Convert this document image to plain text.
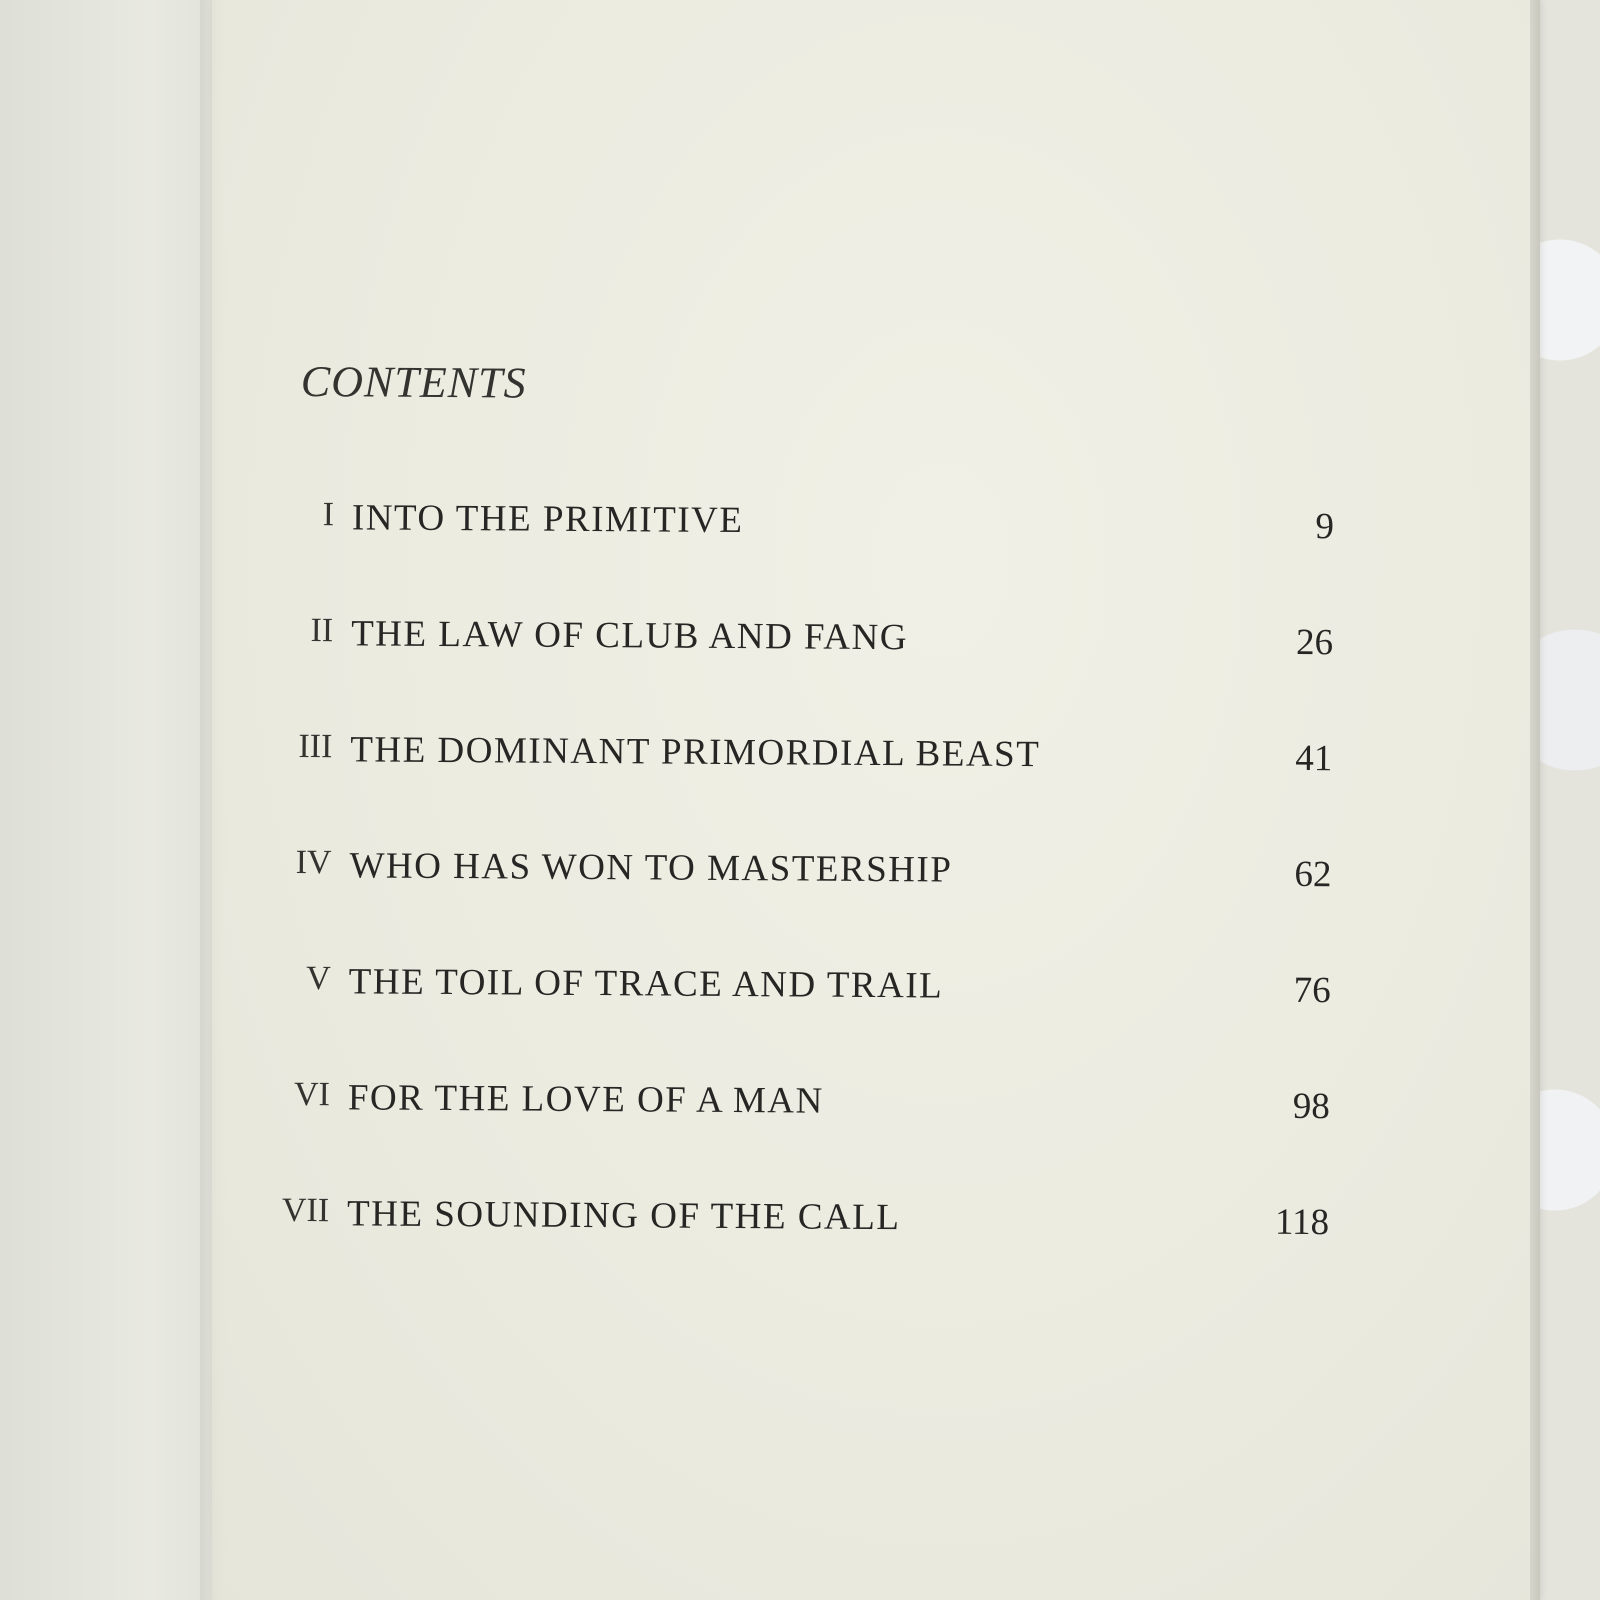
CONTENTS
I INTO THE PRIMITIVE	9
II THE LAW OF CLUB AND FANG	26
III THE DOMINANT PRIMORDIAL BEAST	41
IV WHO HAS WON TO MASTERSHIP	62
V THE TOIL OF TRACE AND TRAIL	76
VI FOR THE LOVE OF A MAN	98
VII THE SOUNDING OF THE CALL	118
